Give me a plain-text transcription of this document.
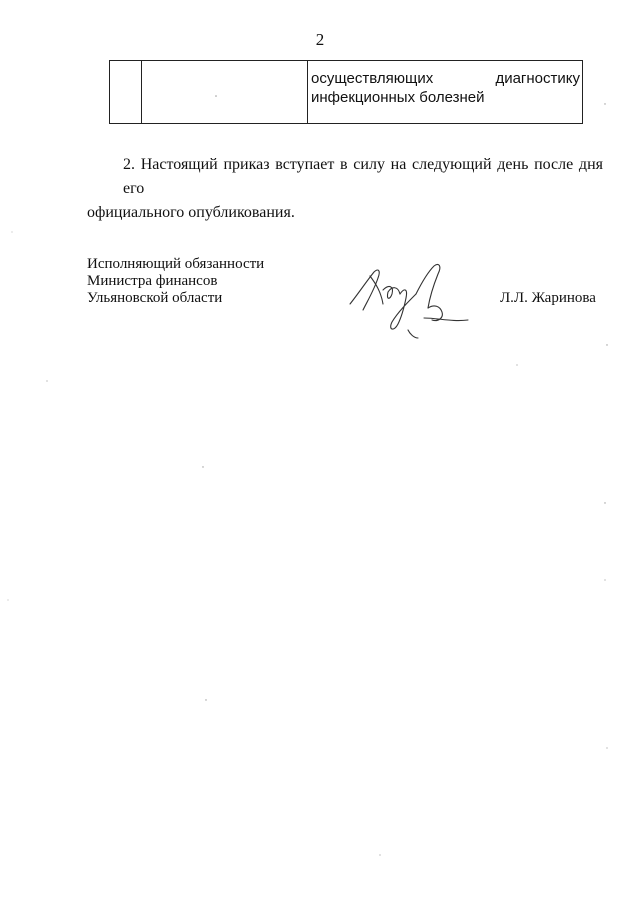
2

осуществляющих	диагностику
инфекционных болезней
2. Настоящий приказ вступает в силу на следующий день после дня его
официального опубликования.
Исполняющий обязанности
Министра финансов
Ульяновской области	Л.Л. Жаринова
